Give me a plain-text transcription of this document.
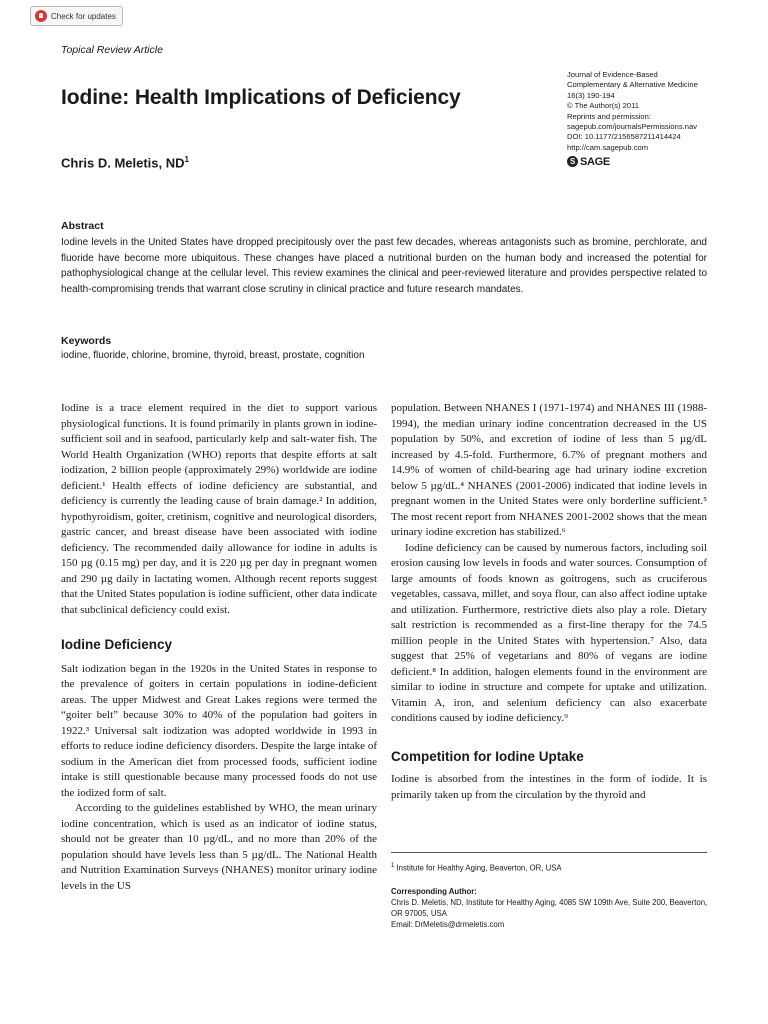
Check for updates
Topical Review Article
Iodine: Health Implications of Deficiency
Chris D. Meletis, $ND^1$
Journal of Evidence-Based
Complementary & Alternative Medicine
16(3) 190-194
© The Author(s) 2011
Reprints and permission:
sagepub.com/journalsPermissions.nav
DOI: 10.1177/2156587211414424
http://cam.sagepub.com
S SAGE
Abstract

Iodine levels in the United States have dropped precipitously over the past few decades, whereas antagonists such as bromine, perchlorate, and fluoride have become more ubiquitous. These changes have placed a nutritional burden on the human body and increased the potential for pathophysiological change at the cellular level. This review examines the clinical and peer-reviewed literature and provides perspective related to health-compromising trends that warrant close scrutiny in clinical practice and future research mandates.

Keywords
iodine, fluoride, chlorine, bromine, thyroid, breast, prostate, cognition

Iodine is a trace element required in the diet to support various physiological functions. It is found primarily in plants grown in iodine-sufficient soil and in seafood, particularly kelp and salt-water fish. The World Health Organization (WHO) reports that despite efforts at salt iodization, 2 billion people (approximately 29%) worldwide are iodine deficient.¹ Health effects of iodine deficiency are substantial, and deficiency is currently the leading cause of brain damage.² In addition, hypothyroidism, goiter, cretinism, cognitive and neurological disorders, gastric cancer, and breast disease have been associated with iodine deficiency. The recommended daily allowance for iodine in adults is 150 µg (0.15 mg) per day, and it is 220 µg per day in pregnant women and 290 µg daily in lactating women. Although recent reports suggest that the United States population is iodine sufficient, other data indicate that subclinical deficiency could exist.

Iodine Deficiency

Salt iodization began in the 1920s in the United States in response to the prevalence of goiters in certain populations in iodine-deficient areas. The upper Midwest and Great Lakes regions were termed the “goiter belt” because 30% to 40% of the population had goiters in 1922.³ Universal salt iodization was adopted worldwide in 1993 in efforts to reduce iodine deficiency disorders. Despite the large intake of sodium in the American diet from processed foods, sufficient iodine intake is still questionable because many processed foods do not use the iodized form of salt.

According to the guidelines established by WHO, the mean urinary iodine concentration, which is used as an indicator of iodine status, should not be greater than 10 µg/dL, and no more than 20% of the population should have levels less than 5 µg/dL. The National Health and Nutrition Examination Surveys (NHANES) monitor urinary iodine levels in the US

population. Between NHANES I (1971-1974) and NHANES III (1988-1994), the median urinary iodine concentration decreased in the US population by 50%, and excretion of iodine of less than 5 µg/dL increased by 4.5-fold. Furthermore, 6.7% of pregnant mothers and 14.9% of women of child-bearing age had urinary iodine excretion below 5 µg/dL.⁴ NHANES (2001-2006) indicated that iodine levels in pregnant women in the United States were only borderline sufficient.⁵ The most recent report from NHANES 2001-2002 shows that the mean urinary iodine excretion has stabilized.⁶

Iodine deficiency can be caused by numerous factors, including soil erosion causing low levels in foods and water sources. Consumption of large amounts of foods known as goitrogens, such as cruciferous vegetables, cassava, millet, and soya flour, can also affect iodine uptake and utilization. Furthermore, restrictive diets also play a role. Dietary salt restriction is recommended as a first-line therapy for the 74.5 million people in the United States with hypertension.⁷ Also, data suggest that 25% of vegetarians and 80% of vegans are iodine deficient.⁸ In addition, halogen elements found in the environment are similar to iodine in structure and compete for uptake and utilization. Vitamin A, iron, and selenium deficiency can also exacerbate conditions caused by iodine deficiency.⁹

Competition for Iodine Uptake

Iodine is absorbed from the intestines in the form of iodide. It is primarily taken up from the circulation by the thyroid and

$^1$ Institute for Healthy Aging, Beaverton, OR, USA
Corresponding Author:
Chris D. Meletis, ND, Institute for Healthy Aging, 4085 SW 109th Ave, Suite 200, Beaverton, OR 97005, USA
Email: DrMeletis@drmeletis.com
